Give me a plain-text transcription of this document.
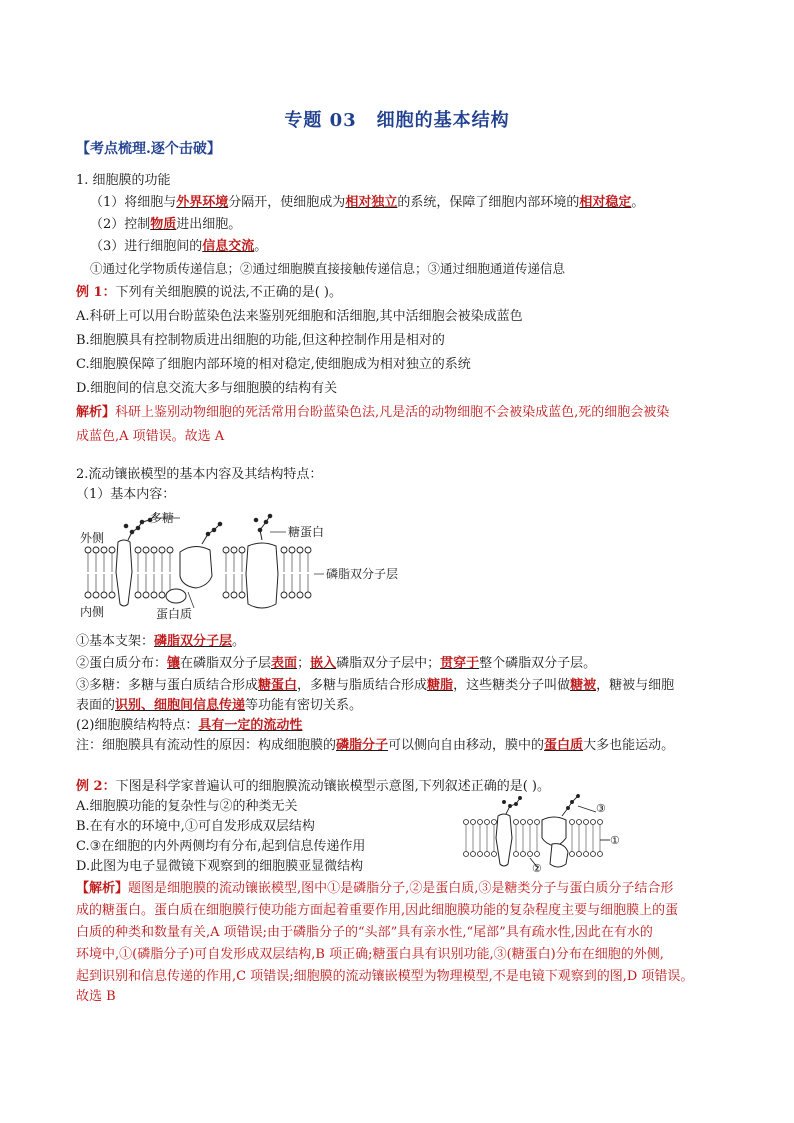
专题 03 细胞的基本结构
【考点梳理.逐个击破】
1. 细胞膜的功能
（1）将细胞与外界环境分隔开，使细胞成为相对独立的系统，保障了细胞内部环境的相对稳定。
（2）控制物质进出细胞。
（3）进行细胞间的信息交流。
①通过化学物质传递信息；②通过细胞膜直接接触传递信息；③通过细胞通道传递信息
例 1：下列有关细胞膜的说法,不正确的是( )。
A.科研上可以用台盼蓝染色法来鉴别死细胞和活细胞,其中活细胞会被染成蓝色
B.细胞膜具有控制物质进出细胞的功能,但这种控制作用是相对的
C.细胞膜保障了细胞内部环境的相对稳定,使细胞成为相对独立的系统
D.细胞间的信息交流大多与细胞膜的结构有关
解析】科研上鉴别动物细胞的死活常用台盼蓝染色法,凡是活的动物细胞不会被染成蓝色,死的细胞会被染
成蓝色,A 项错误。故选 A
2.流动镶嵌模型的基本内容及其结构特点：
（1）基本内容：
外侧
内侧
多糖
糖蛋白
磷脂双分子层
蛋白质
①基本支架：磷脂双分子层。
②蛋白质分布：镶在磷脂双分子层表面；嵌入磷脂双分子层中；贯穿于整个磷脂双分子层。
③多糖：多糖与蛋白质结合形成糖蛋白，多糖与脂质结合形成糖脂，这些糖类分子叫做糖被，糖被与细胞
表面的识别、细胞间信息传递等功能有密切关系。
(2)细胞膜结构特点：具有一定的流动性
注：细胞膜具有流动性的原因：构成细胞膜的磷脂分子可以侧向自由移动，膜中的蛋白质大多也能运动。
例 2：下图是科学家普遍认可的细胞膜流动镶嵌模型示意图,下列叙述正确的是( )。
A.细胞膜功能的复杂性与②的种类无关
B.在有水的环境中,①可自发形成双层结构
C.③在细胞的内外两侧均有分布,起到信息传递作用
D.此图为电子显微镜下观察到的细胞膜亚显微结构
③
①
②
【解析】题图是细胞膜的流动镶嵌模型,图中①是磷脂分子,②是蛋白质,③是糖类分子与蛋白质分子结合形
成的糖蛋白。蛋白质在细胞膜行使功能方面起着重要作用,因此细胞膜功能的复杂程度主要与细胞膜上的蛋
白质的种类和数量有关,A 项错误;由于磷脂分子的“头部”具有亲水性,“尾部”具有疏水性,因此在有水的
环境中,①(磷脂分子)可自发形成双层结构,B 项正确;糖蛋白具有识别功能,③(糖蛋白)分布在细胞的外侧,
起到识别和信息传递的作用,C 项错误;细胞膜的流动镶嵌模型为物理模型,不是电镜下观察到的图,D 项错误。
故选 B
